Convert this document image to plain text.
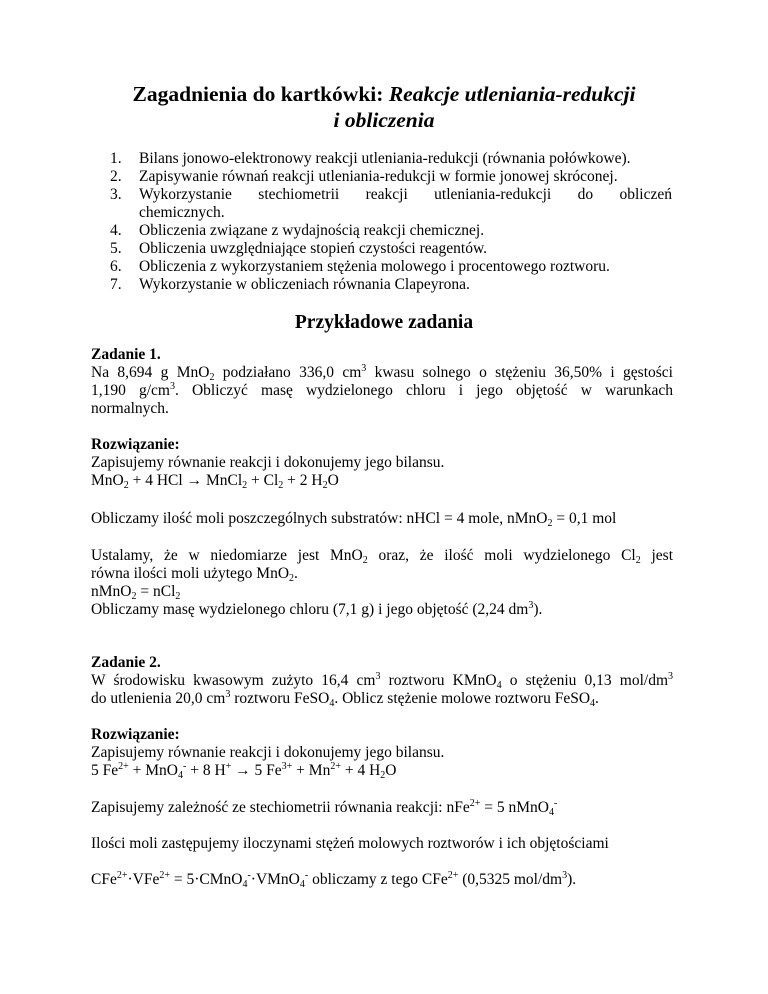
Zagadnienia do kartkówki: Reakcje utleniania-redukcji
i obliczenia
1. Bilans jonowo-elektronowy reakcji utleniania-redukcji (równania połówkowe).
2. Zapisywanie równań reakcji utleniania-redukcji w formie jonowej skróconej.
3. Wykorzystanie stechiometrii reakcji utleniania-redukcji do obliczeń
chemicznych.
4. Obliczenia związane z wydajnością reakcji chemicznej.
5. Obliczenia uwzględniające stopień czystości reagentów.
6. Obliczenia z wykorzystaniem stężenia molowego i procentowego roztworu.
7. Wykorzystanie w obliczeniach równania Clapeyrona.
Przykładowe zadania
Zadanie 1.
Na 8,694 g MnO$_2$ podziałano 336,0 $cm^3$ kwasu solnego o stężeniu 36,50% i gęstości
1,190 $g/cm^3$. Obliczyć masę wydzielonego chloru i jego objętość w warunkach
normalnych.
Rozwiązanie:
Zapisujemy równanie reakcji i dokonujemy jego bilansu.
MnO$_2$ + 4 HCl → MnCl$_2$ + $Cl_2 + 2$ $H_2O$
Obliczamy ilość moli poszczególnych substratów: nHCl = 4 mole, nMnO$_2$ = 0,1 mol
Ustalamy, że w niedomiarze jest MnO$_2$ oraz, że ilość moli wydzielonego $Cl_2$ jest
równa ilości moli użytego MnO$_2$.
nMnO$_2$ = nCl$_2$
Obliczamy masę wydzielonego chloru (7,1 g) i jego objętość (2,24 $dm^3$).
Zadanie 2.
W środowisku kwasowym zużyto 16,4 $cm^3$ roztworu KMnO$_4$ o stężeniu 0,13 mol/$dm^3$
do utlenienia 20,0 $cm^3$ roztworu FeSO$_4$. Oblicz stężenie molowe roztworu FeSO$_4$.
Rozwiązanie:
Zapisujemy równanie reakcji i dokonujemy jego bilansu.
5 $Fe^{2+} + MnO_4^- + 8$ H+ → 5 $Fe^{3+} + Mn^{2+} + 4$ $H_2O$
Zapisujemy zależność ze stechiometrii równania reakcji: nFe$^{2+}$ = 5 nMnO$_4$-
Ilości moli zastępujemy iloczynami stężeń molowych roztworów i ich objętościami
CFe$^{2+}$·VFe$^{2+}$ = 5·CMnO$_4$-·VMnO$_4$- obliczamy z tego CFe$^{2+}$ (0,5325 mol/$dm^3$).
